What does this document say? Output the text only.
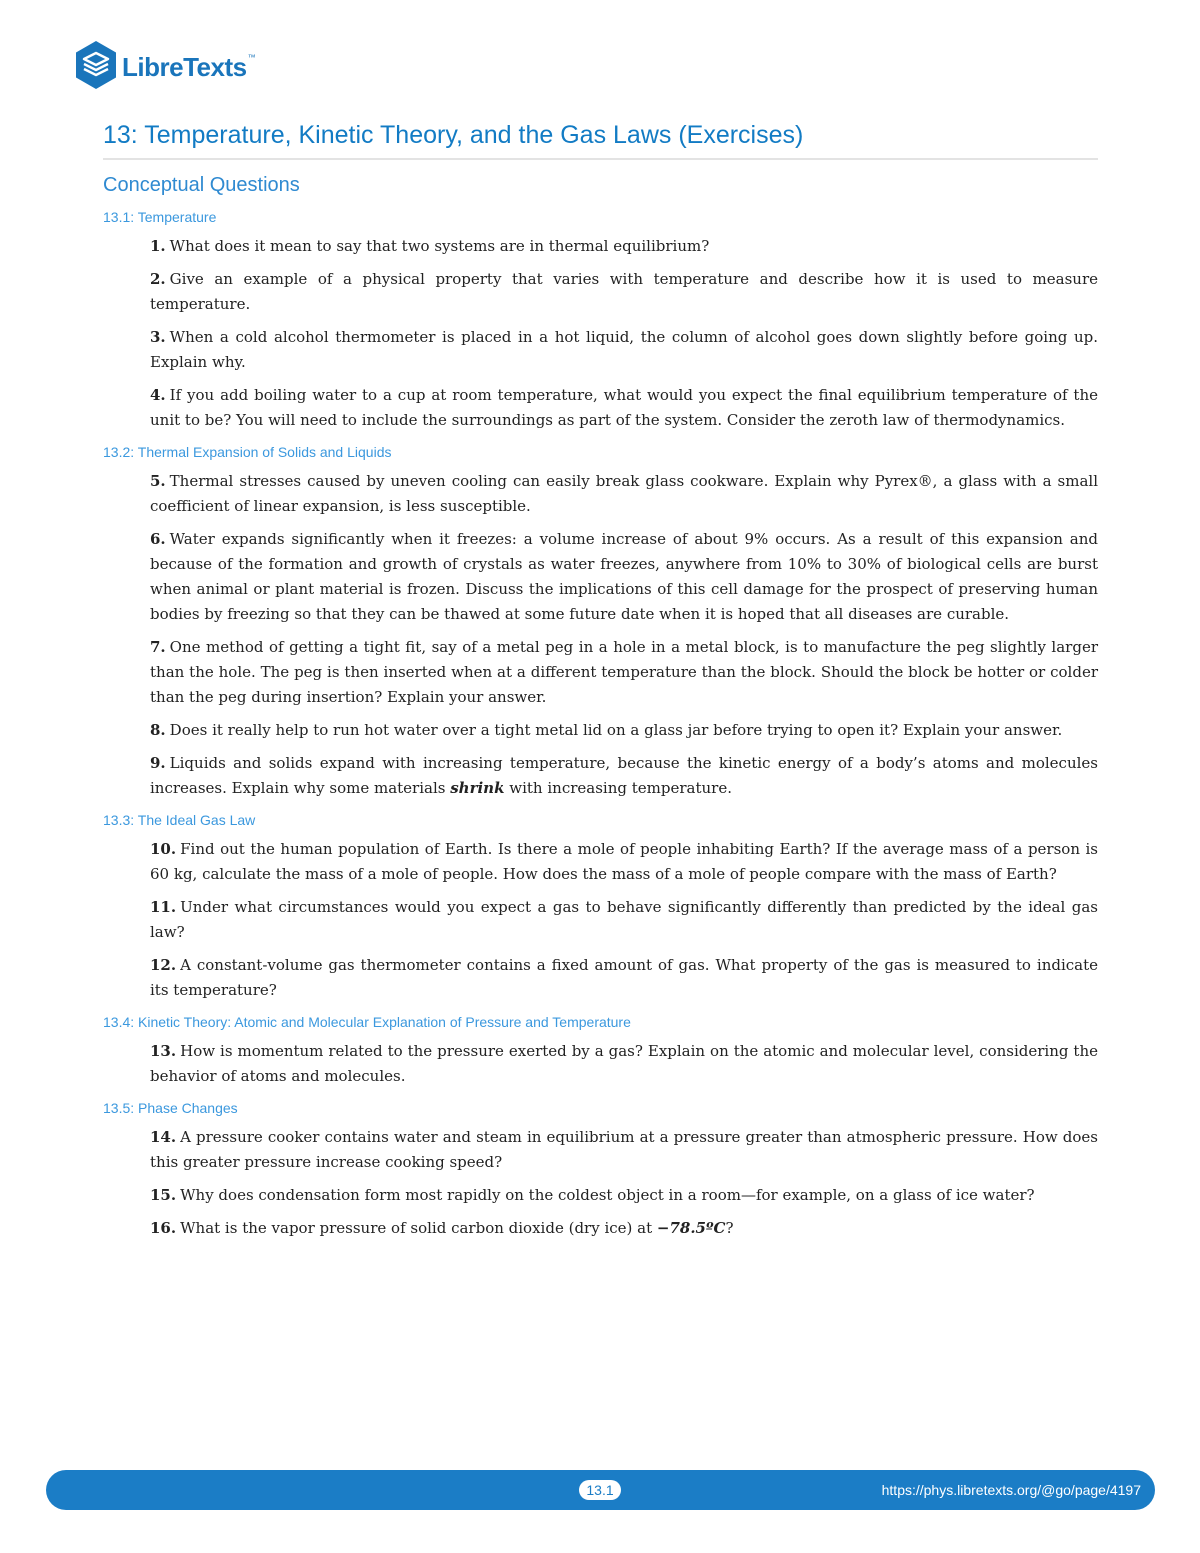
LibreTexts ™
13: Temperature, Kinetic Theory, and the Gas Laws (Exercises)
Conceptual Questions
13.1: Temperature

1. What does it mean to say that two systems are in thermal equilibrium?

2. Give an example of a physical property that varies with temperature and describe how it is used to measure temperature.

3. When a cold alcohol thermometer is placed in a hot liquid, the column of alcohol goes down slightly before going up. Explain why.

4. If you add boiling water to a cup at room temperature, what would you expect the final equilibrium temperature of the unit to be? You will need to include the surroundings as part of the system. Consider the zeroth law of thermodynamics.

13.2: Thermal Expansion of Solids and Liquids

5. Thermal stresses caused by uneven cooling can easily break glass cookware. Explain why Pyrex®, a glass with a small coefficient of linear expansion, is less susceptible.

6. Water expands significantly when it freezes: a volume increase of about 9% occurs. As a result of this expansion and because of the formation and growth of crystals as water freezes, anywhere from 10% to 30% of biological cells are burst when animal or plant material is frozen. Discuss the implications of this cell damage for the prospect of preserving human bodies by freezing so that they can be thawed at some future date when it is hoped that all diseases are curable.

7. One method of getting a tight fit, say of a metal peg in a hole in a metal block, is to manufacture the peg slightly larger than the hole. The peg is then inserted when at a different temperature than the block. Should the block be hotter or colder than the peg during insertion? Explain your answer.

8. Does it really help to run hot water over a tight metal lid on a glass jar before trying to open it? Explain your answer.

9. Liquids and solids expand with increasing temperature, because the kinetic energy of a body’s atoms and molecules increases. Explain why some materials shrink with increasing temperature.

13.3: The Ideal Gas Law

10. Find out the human population of Earth. Is there a mole of people inhabiting Earth? If the average mass of a person is 60 kg, calculate the mass of a mole of people. How does the mass of a mole of people compare with the mass of Earth?

11. Under what circumstances would you expect a gas to behave significantly differently than predicted by the ideal gas law?

12. A constant-volume gas thermometer contains a fixed amount of gas. What property of the gas is measured to indicate its temperature?

13.4: Kinetic Theory: Atomic and Molecular Explanation of Pressure and Temperature

13. How is momentum related to the pressure exerted by a gas? Explain on the atomic and molecular level, considering the behavior of atoms and molecules.

13.5: Phase Changes

14. A pressure cooker contains water and steam in equilibrium at a pressure greater than atmospheric pressure. How does this greater pressure increase cooking speed?

15. Why does condensation form most rapidly on the coldest object in a room—for example, on a glass of ice water?

16. What is the vapor pressure of solid carbon dioxide (dry ice) at −78.5ºC?

13.1	https://phys.libretexts.org/@go/page/4197
